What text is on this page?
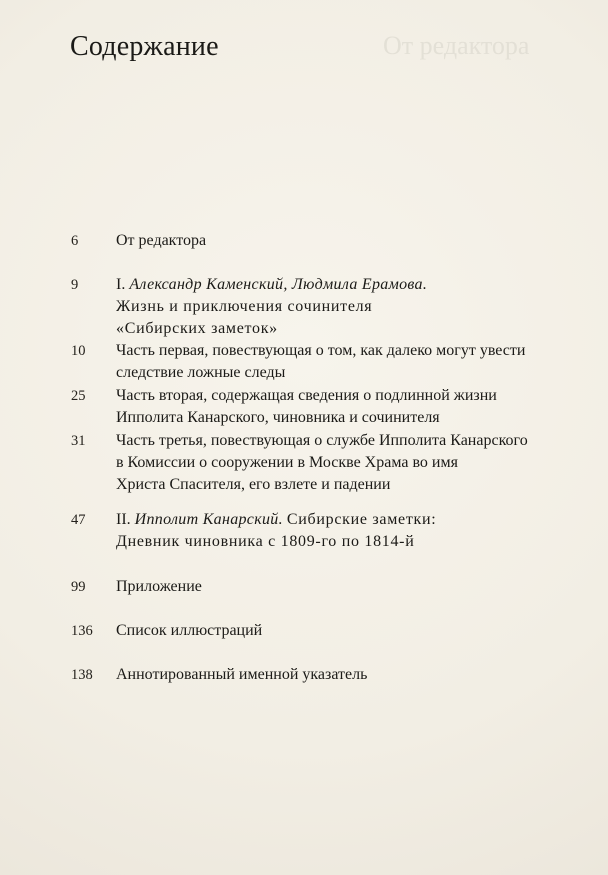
Содержание	От редактора
6 От редактора
9 I. Александр Каменский, Людмила Ерамова.
Жизнь и приключения сочинителя
«Сибирских заметок»
10 Часть первая, повествующая о том, как далеко могут увести
следствие ложные следы
25 Часть вторая, содержащая сведения о подлинной жизни
Ипполита Канарского, чиновника и сочинителя
31 Часть третья, повествующая о службе Ипполита Канарского
в Комиссии о сооружении в Москве Храма во имя
Христа Спасителя, его взлете и падении
47 II. Ипполит Канарский. Сибирские заметки:
Дневник чиновника с 1809-го по 1814-й
99 Приложение
136 Список иллюстраций
138 Аннотированный именной указатель
